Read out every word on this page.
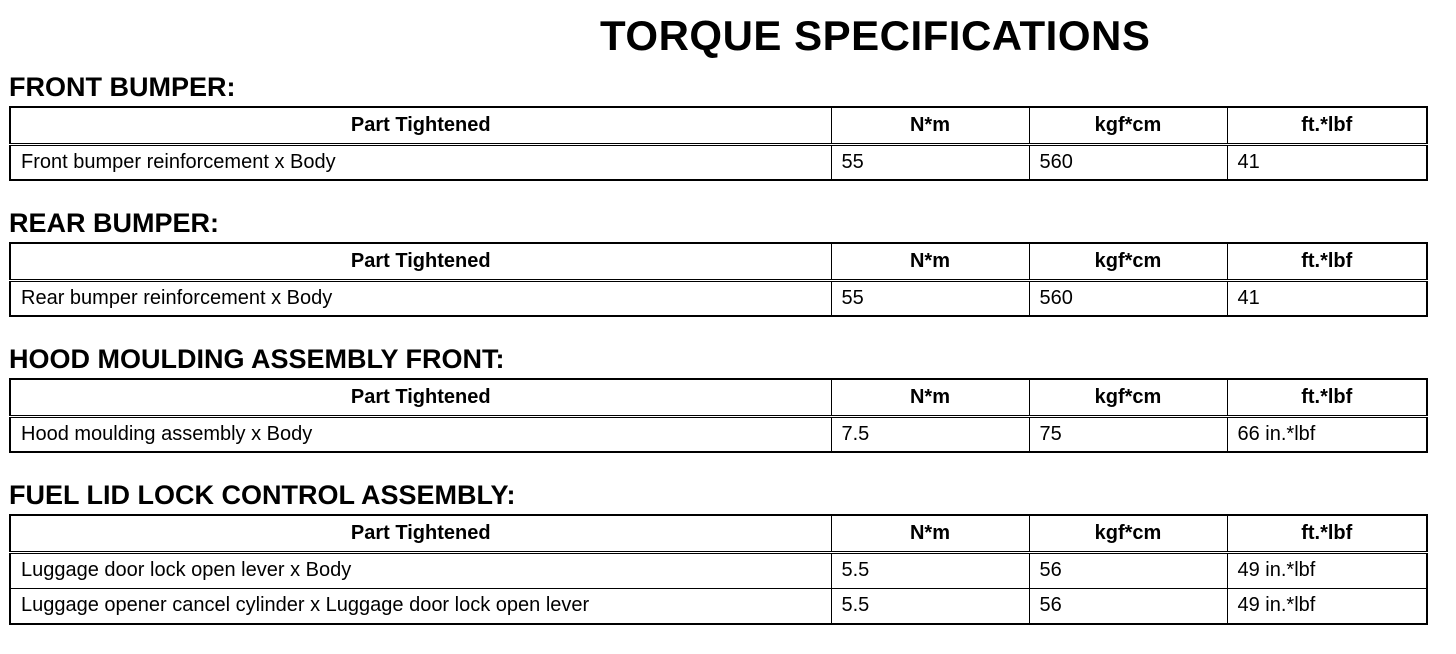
TORQUE SPECIFICATIONS
FRONT BUMPER:
Part Tightened	N*m	kgf*cm	ft.*lbf
Front bumper reinforcement x Body	55	560	41
REAR BUMPER:
Part Tightened	N*m	kgf*cm	ft.*lbf
Rear bumper reinforcement x Body	55	560	41
HOOD MOULDING ASSEMBLY FRONT:
Part Tightened	N*m	kgf*cm	ft.*lbf
Hood moulding assembly x Body	7.5	75	66 in.*lbf
FUEL LID LOCK CONTROL ASSEMBLY:
Part Tightened	N*m	kgf*cm	ft.*lbf
Luggage door lock open lever x Body	5.5	56	49 in.*lbf
Luggage opener cancel cylinder x Luggage door lock open lever	5.5	56	49 in.*lbf
